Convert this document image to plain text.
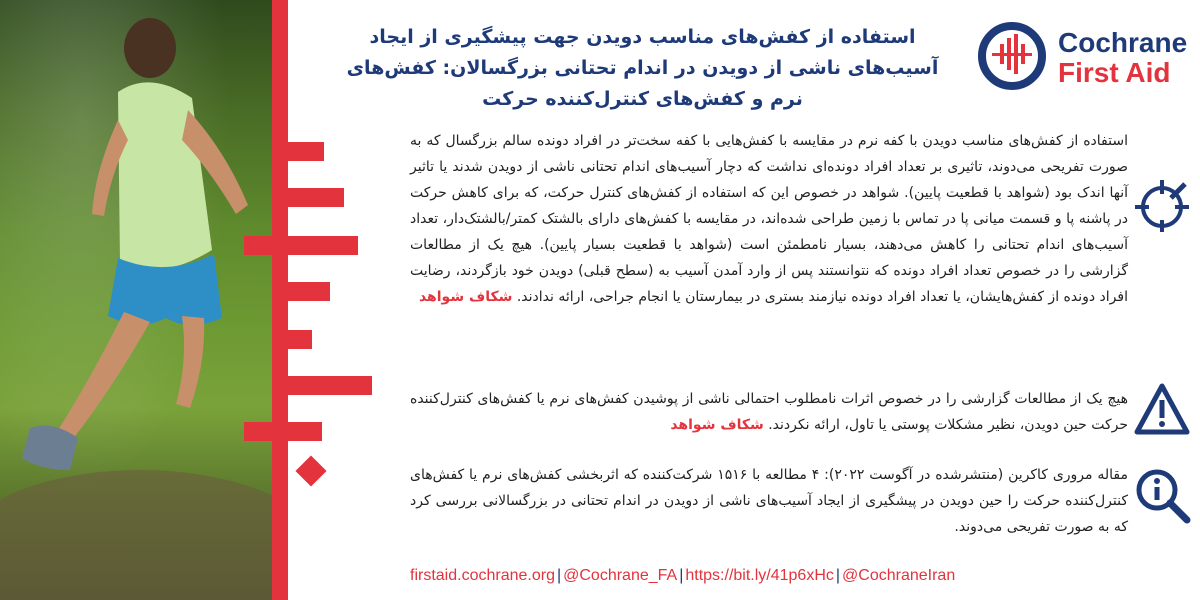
استفاده از کفش‌های مناسب دویدن جهت پیشگیری از ایجاد آسیب‌های ناشی از دویدن در اندام تحتانی بزرگسالان: کفش‌های نرم و کفش‌های کنترل‌کننده حرکت
Cochrane
First Aid
استفاده از کفش‌های مناسب دویدن با کفه نرم در مقایسه با کفش‌هایی با کفه سخت‌تر در افراد دونده سالم بزرگسال که به صورت تفریحی می‌دوند، تاثیری بر تعداد افراد دونده‌ای نداشت که دچار آسیب‌های اندام تحتانی ناشی از دویدن شدند یا تاثیر آنها اندک بود (شواهد با قطعیت پایین). شواهد در خصوص این که استفاده از کفش‌های کنترل حرکت، که برای کاهش حرکت در پاشنه پا و قسمت میانی پا در تماس با زمین طراحی شده‌اند، در مقایسه با کفش‌های دارای بالشتک کمتر/بالشتک‌دار، تعداد آسیب‌های اندام تحتانی را کاهش می‌دهند، بسیار نامطمئن است (شواهد با قطعیت بسیار پایین). هیچ یک از مطالعات گزارشی را در خصوص تعداد افراد دونده که نتوانستند پس از وارد آمدن آسیب به (سطح قبلی) دویدن خود بازگردند، رضایت افراد دونده از کفش‌هایشان، یا تعداد افراد دونده نیازمند بستری در بیمارستان یا انجام جراحی، ارائه ندادند. شکاف شواهد
هیچ یک از مطالعات گزارشی را در خصوص اثرات نامطلوب احتمالی ناشی از پوشیدن کفش‌های نرم یا کفش‌های کنترل‌کننده حرکت حین دویدن، نظیر مشکلات پوستی یا تاول، ارائه نکردند. شکاف شواهد
مقاله مروری کاکرین (منتشرشده در آگوست ۲۰۲۲): ۴ مطالعه با ۱۵۱۶ شرکت‌کننده که اثربخشی کفش‌های نرم یا کفش‌های کنترل‌کننده حرکت را حین دویدن در پیشگیری از ایجاد آسیب‌های ناشی از دویدن در اندام تحتانی در بزرگسالانی بررسی کرد که به صورت تفریحی می‌دوند.
firstaid.cochrane.org | @Cochrane_FA | https://bit.ly/41p6xHc | @CochraneIran
